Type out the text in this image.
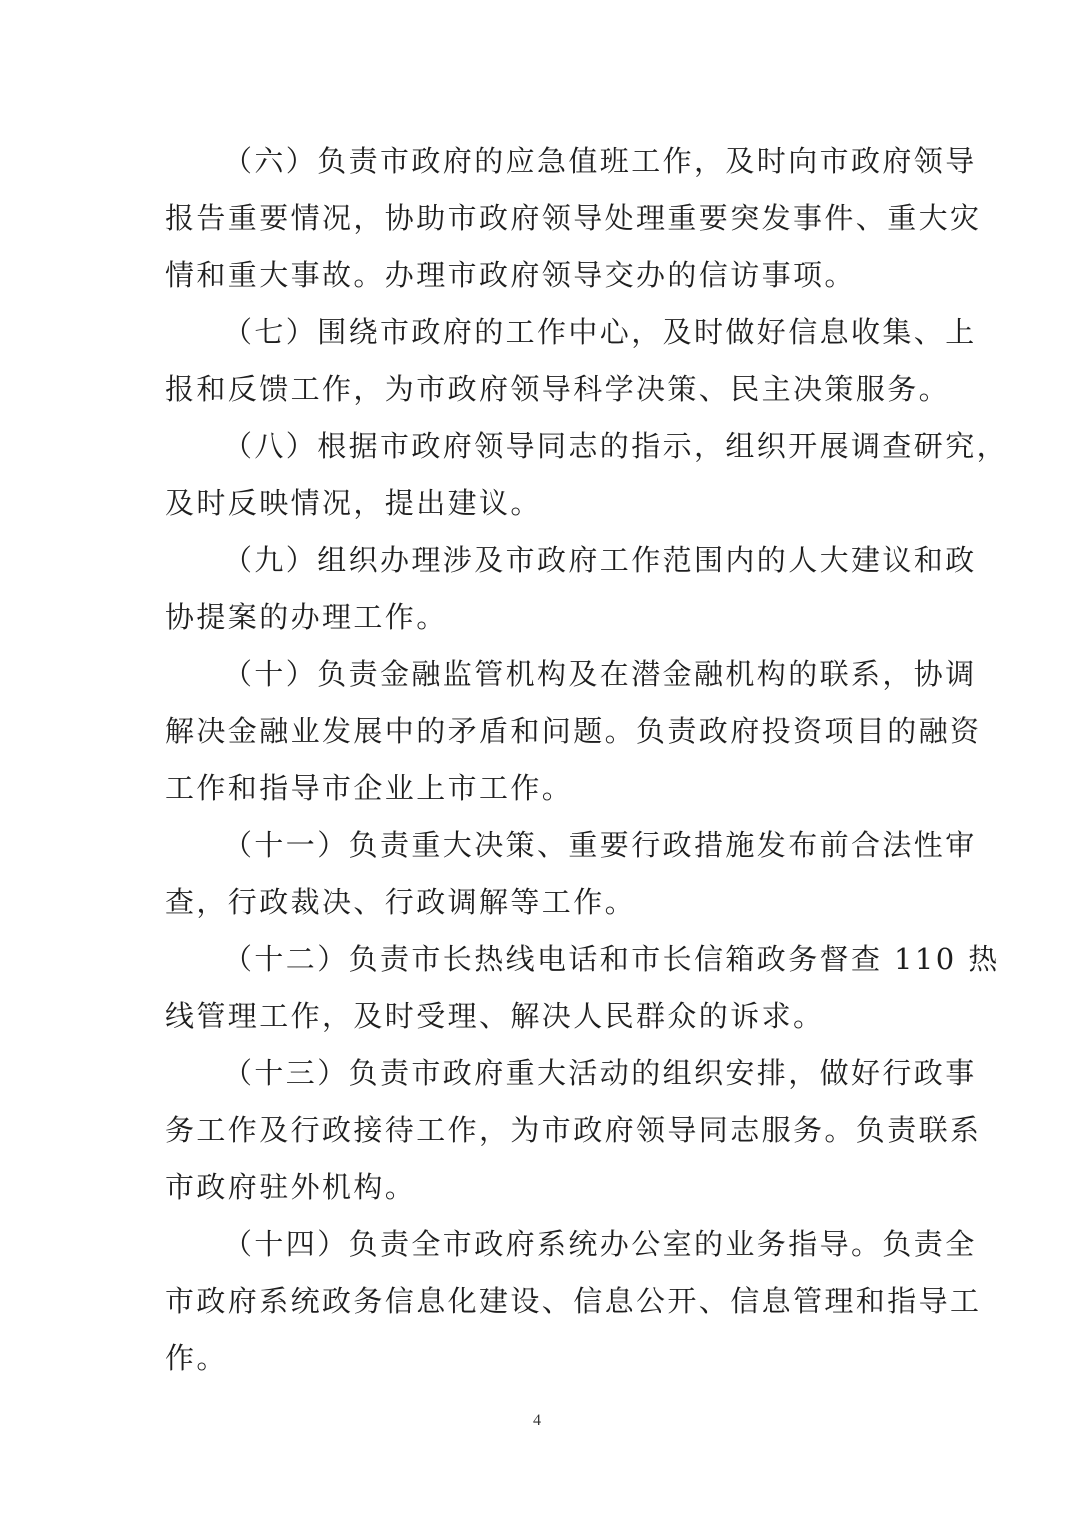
（六）负责市政府的应急值班工作，及时向市政府领导
报告重要情况，协助市政府领导处理重要突发事件、重大灾
情和重大事故。办理市政府领导交办的信访事项。
（七）围绕市政府的工作中心，及时做好信息收集、上
报和反馈工作，为市政府领导科学决策、民主决策服务。
（八）根据市政府领导同志的指示，组织开展调查研究，
及时反映情况，提出建议。
（九）组织办理涉及市政府工作范围内的人大建议和政
协提案的办理工作。
（十）负责金融监管机构及在潜金融机构的联系，协调
解决金融业发展中的矛盾和问题。负责政府投资项目的融资
工作和指导市企业上市工作。
（十一）负责重大决策、重要行政措施发布前合法性审
查，行政裁决、行政调解等工作。
（十二）负责市长热线电话和市长信箱政务督查 110 热
线管理工作，及时受理、解决人民群众的诉求。
（十三）负责市政府重大活动的组织安排，做好行政事
务工作及行政接待工作，为市政府领导同志服务。负责联系
市政府驻外机构。
（十四）负责全市政府系统办公室的业务指导。负责全
市政府系统政务信息化建设、信息公开、信息管理和指导工
作。
4
